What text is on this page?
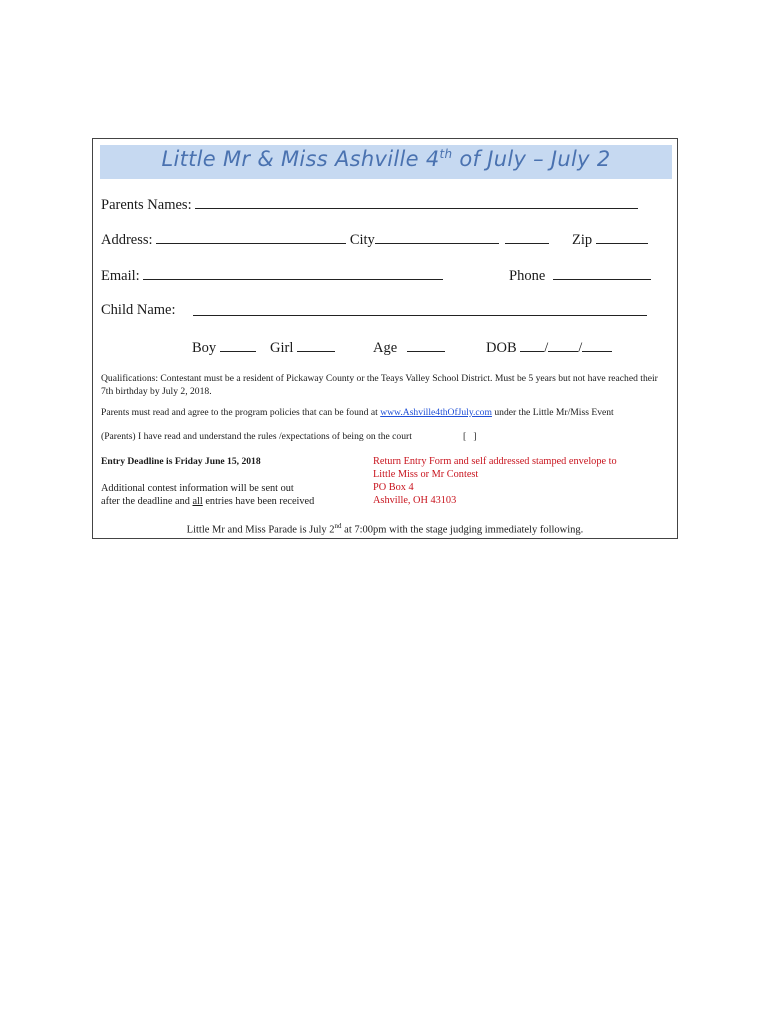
Little Mr & Miss Ashville 4th of July – July 2
Parents Names:
Address:	City	Zip
Email:	Phone
Child Name:
Boy	Girl	Age	DOB / /
Qualifications: Contestant must be a resident of Pickaway County or the Teays Valley School District. Must be 5 years but not have reached their 7th birthday by July 2, 2018.
Parents must read and agree to the program policies that can be found at www.Ashville4thOfJuly.com under the Little Mr/Miss Event
(Parents) I have read and understand the rules /expectations of being on the court	[   ]
Entry Deadline is Friday June 15, 2018
Additional contest information will be sent out
after the deadline and all entries have been received
Return Entry Form and self addressed stamped envelope to
Little Miss or Mr Contest
PO Box 4
Ashville, OH 43103
Little Mr and Miss Parade is July 2nd at 7:00pm with the stage judging immediately following.
